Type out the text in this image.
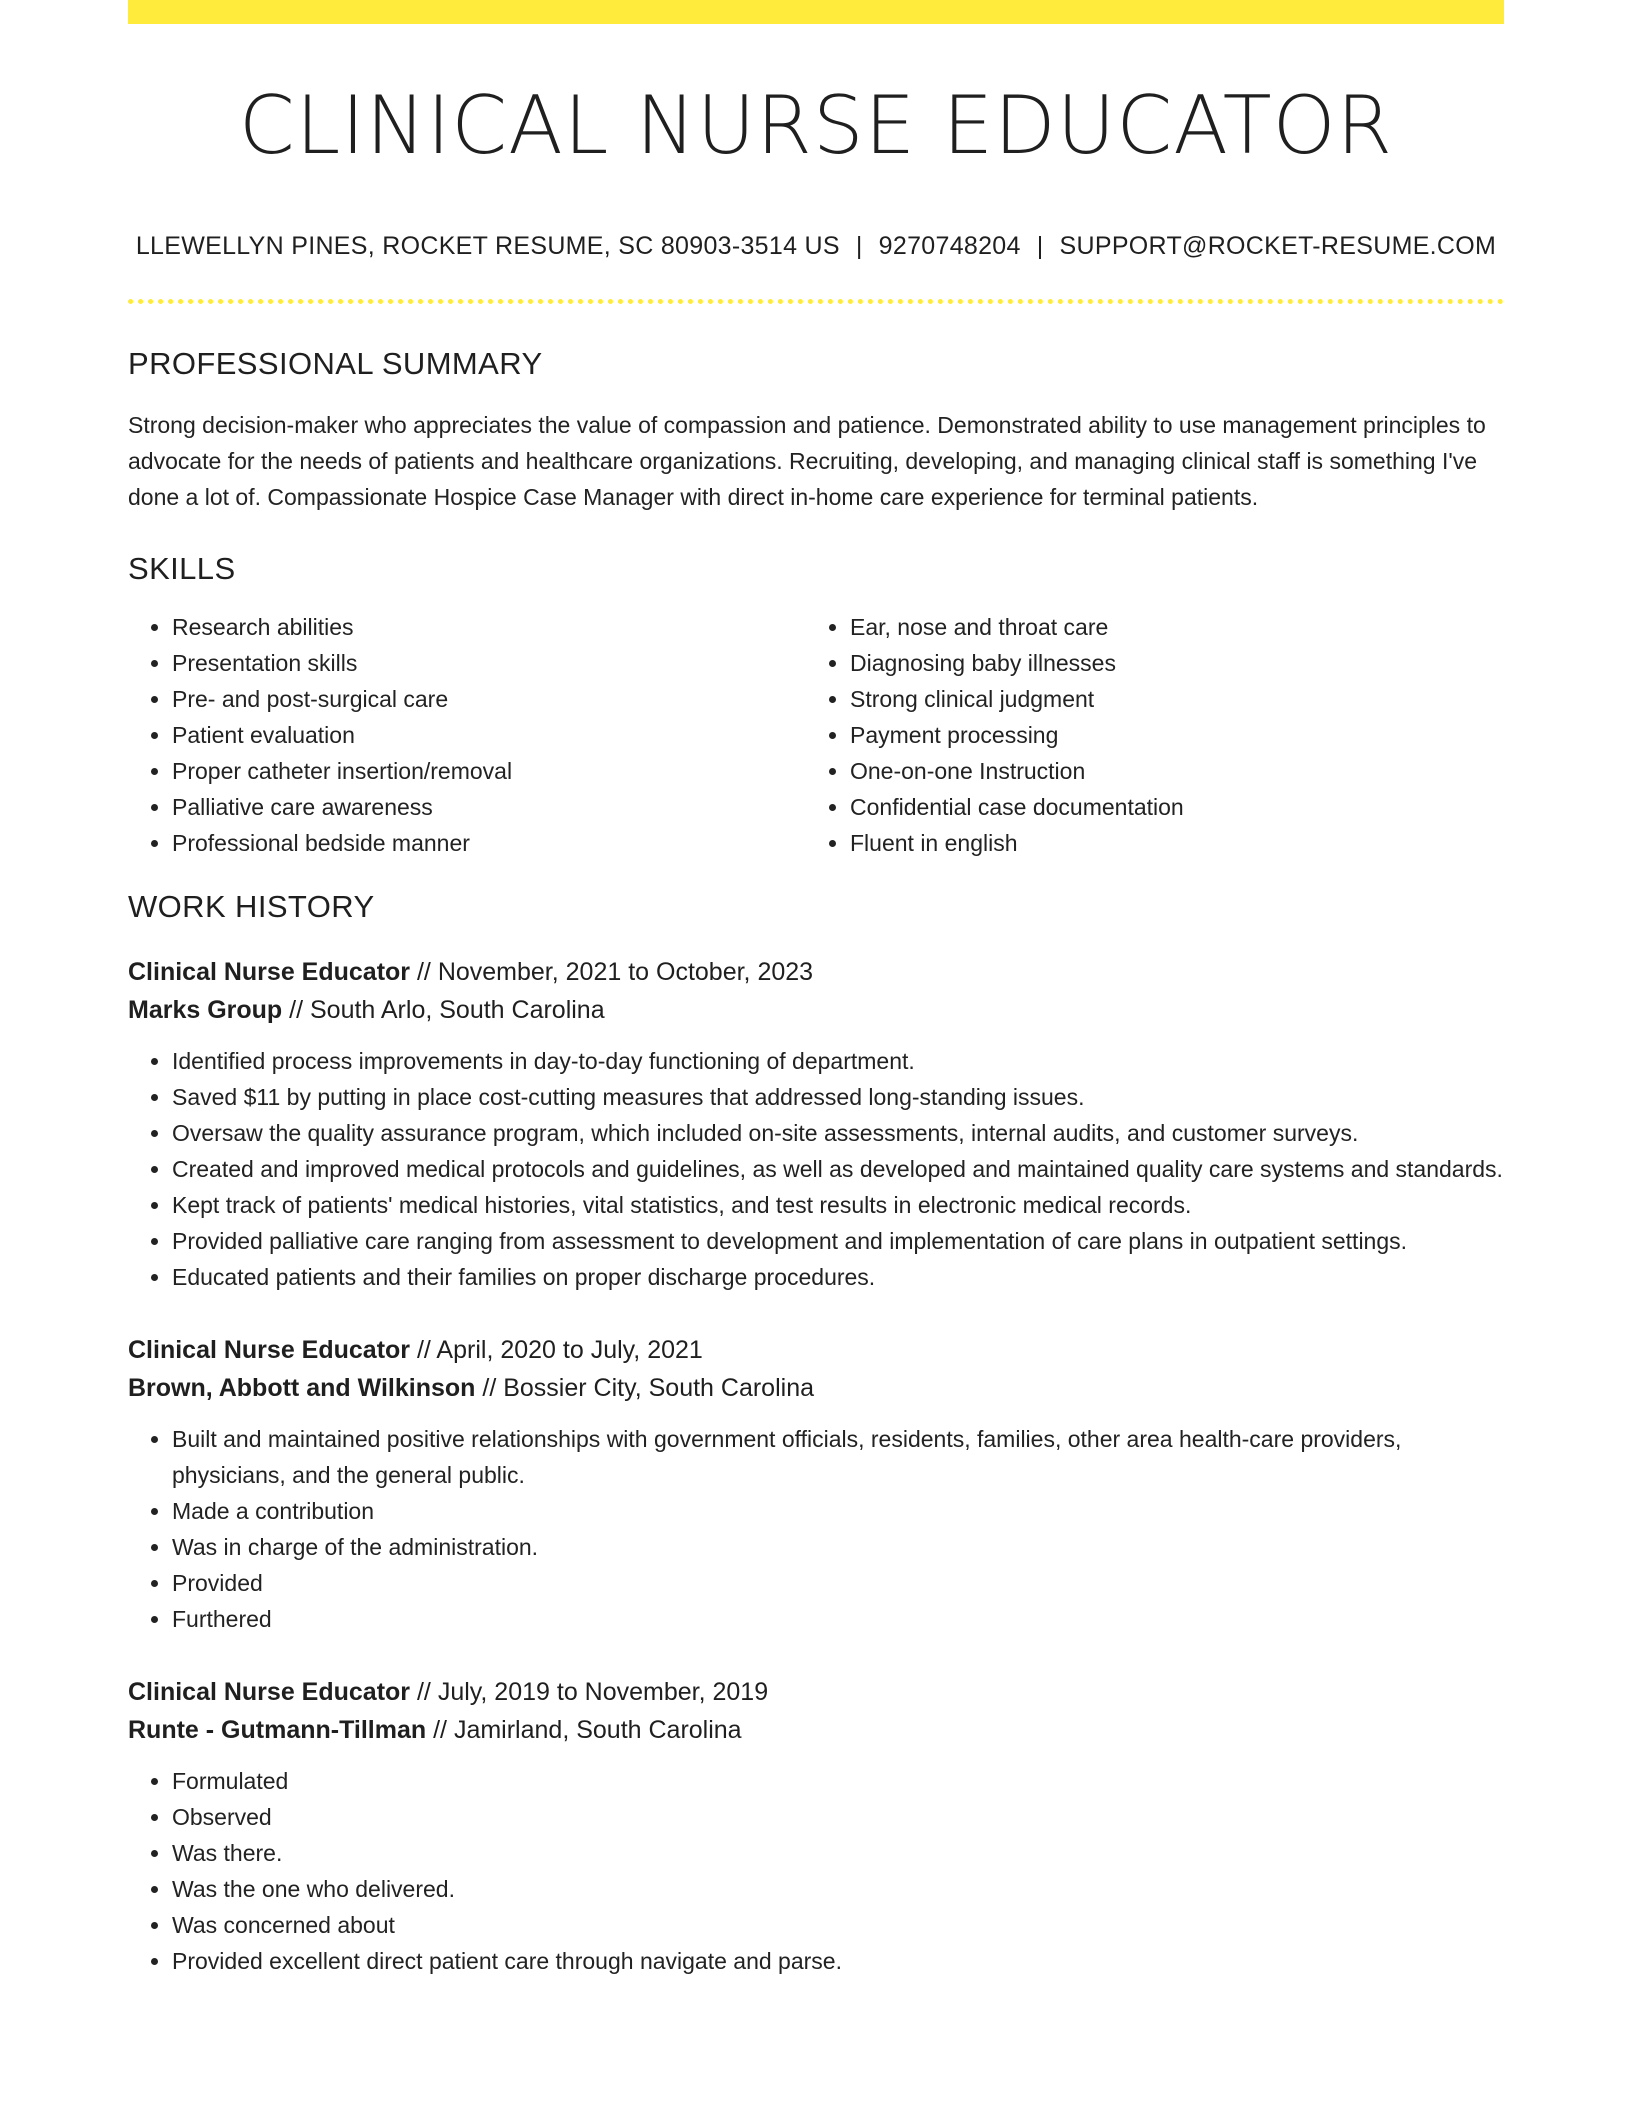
CLINICAL NURSE EDUCATOR
LLEWELLYN PINES, ROCKET RESUME, SC 80903-3514 US | 9270748204 | SUPPORT@ROCKET-RESUME.COM
PROFESSIONAL SUMMARY
Strong decision-maker who appreciates the value of compassion and patience. Demonstrated ability to use management principles to advocate for the needs of patients and healthcare organizations. Recruiting, developing, and managing clinical staff is something I've done a lot of. Compassionate Hospice Case Manager with direct in-home care experience for terminal patients.
SKILLS
• Research abilities
• Presentation skills
• Pre- and post-surgical care
• Patient evaluation
• Proper catheter insertion/removal
• Palliative care awareness
• Professional bedside manner
• Ear, nose and throat care
• Diagnosing baby illnesses
• Strong clinical judgment
• Payment processing
• One-on-one Instruction
• Confidential case documentation
• Fluent in english
WORK HISTORY
Clinical Nurse Educator // November, 2021 to October, 2023
Marks Group // South Arlo, South Carolina
• Identified process improvements in day-to-day functioning of department.
• Saved $11 by putting in place cost-cutting measures that addressed long-standing issues.
• Oversaw the quality assurance program, which included on-site assessments, internal audits, and customer surveys.
• Created and improved medical protocols and guidelines, as well as developed and maintained quality care systems and standards.
• Kept track of patients' medical histories, vital statistics, and test results in electronic medical records.
• Provided palliative care ranging from assessment to development and implementation of care plans in outpatient settings.
• Educated patients and their families on proper discharge procedures.
Clinical Nurse Educator // April, 2020 to July, 2021
Brown, Abbott and Wilkinson // Bossier City, South Carolina
• Built and maintained positive relationships with government officials, residents, families, other area health-care providers, physicians, and the general public.
• Made a contribution
• Was in charge of the administration.
• Provided
• Furthered
Clinical Nurse Educator // July, 2019 to November, 2019
Runte - Gutmann-Tillman // Jamirland, South Carolina
• Formulated
• Observed
• Was there.
• Was the one who delivered.
• Was concerned about
• Provided excellent direct patient care through navigate and parse.
